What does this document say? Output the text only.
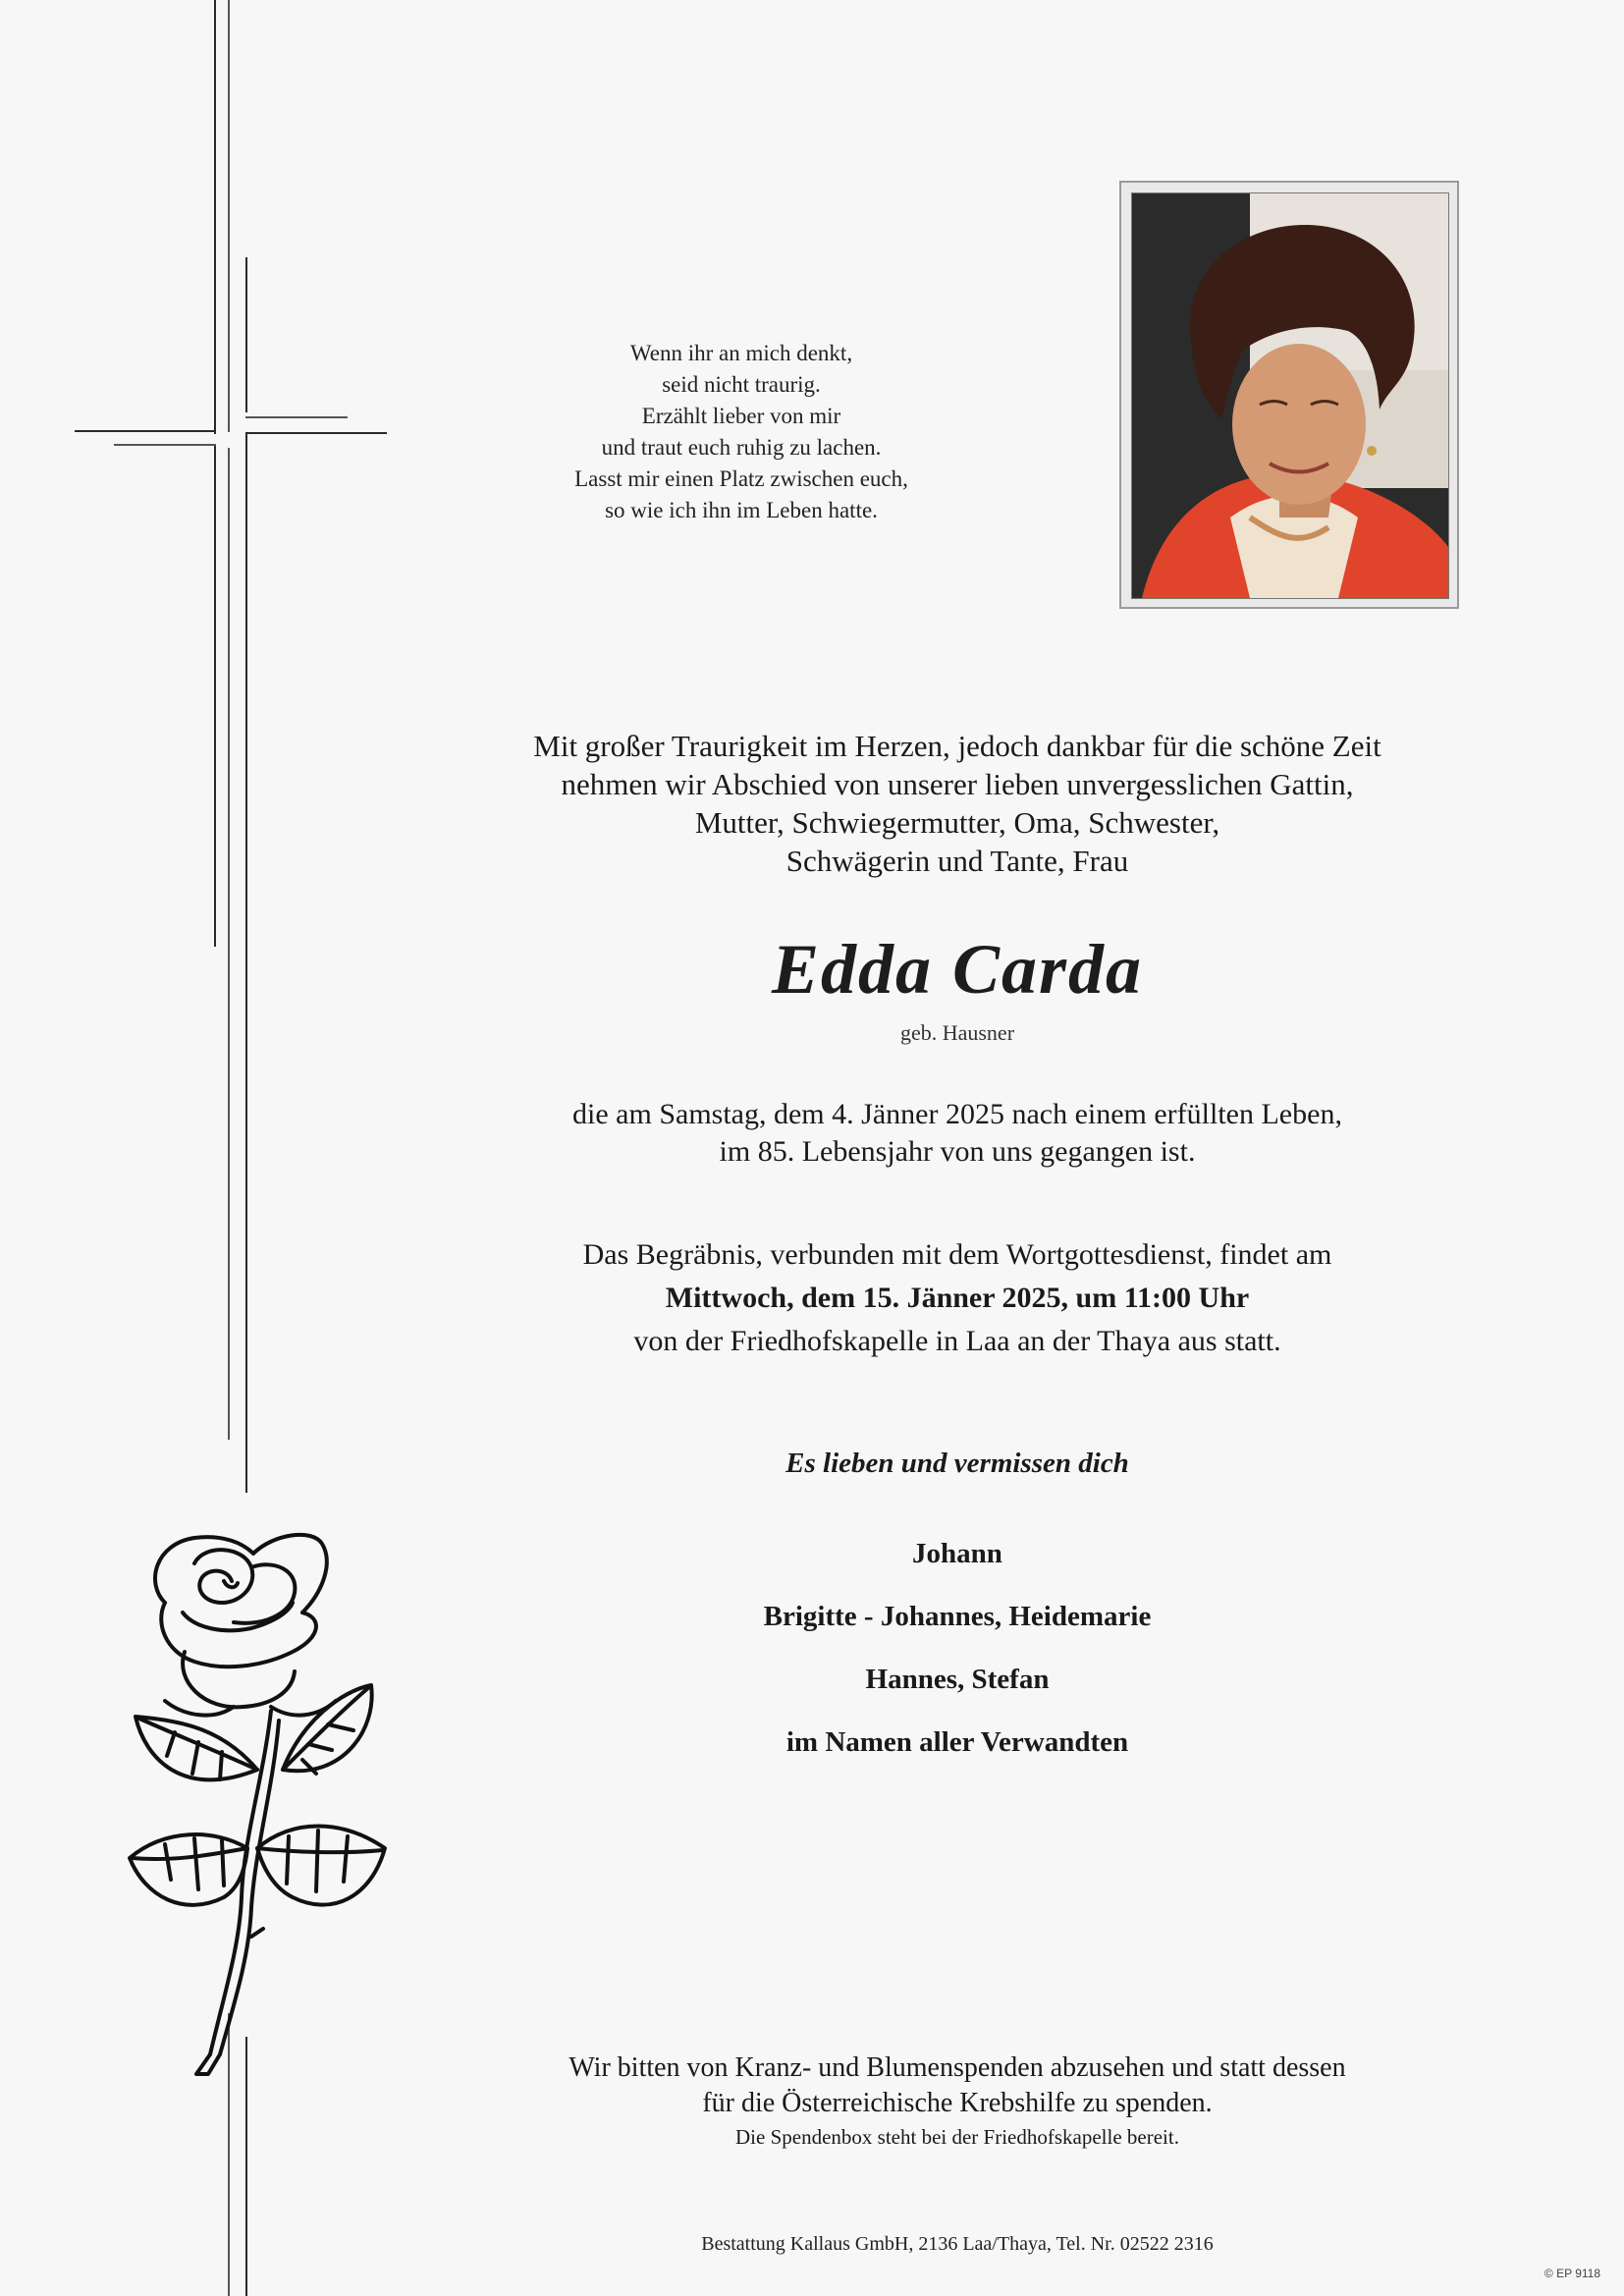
Wenn ihr an mich denkt,
seid nicht traurig.
Erzählt lieber von mir
und traut euch ruhig zu lachen.
Lasst mir einen Platz zwischen euch,
so wie ich ihn im Leben hatte.
Mit großer Traurigkeit im Herzen, jedoch dankbar für die schöne Zeit
nehmen wir Abschied von unserer lieben unvergesslichen Gattin,
Mutter, Schwiegermutter, Oma, Schwester,
Schwägerin und Tante, Frau
Edda Carda
geb. Hausner
die am Samstag, dem 4. Jänner 2025 nach einem erfüllten Leben,
im 85. Lebensjahr von uns gegangen ist.
Das Begräbnis, verbunden mit dem Wortgottesdienst, findet am
Mittwoch, dem 15. Jänner 2025, um 11:00 Uhr
von der Friedhofskapelle in Laa an der Thaya aus statt.
Es lieben und vermissen dich
Johann
Brigitte - Johannes, Heidemarie
Hannes, Stefan
im Namen aller Verwandten
Wir bitten von Kranz- und Blumenspenden abzusehen und statt dessen
für die Österreichische Krebshilfe zu spenden.
Die Spendenbox steht bei der Friedhofskapelle bereit.
Bestattung Kallaus GmbH, 2136 Laa/Thaya, Tel. Nr. 02522 2316
© EP 9118
